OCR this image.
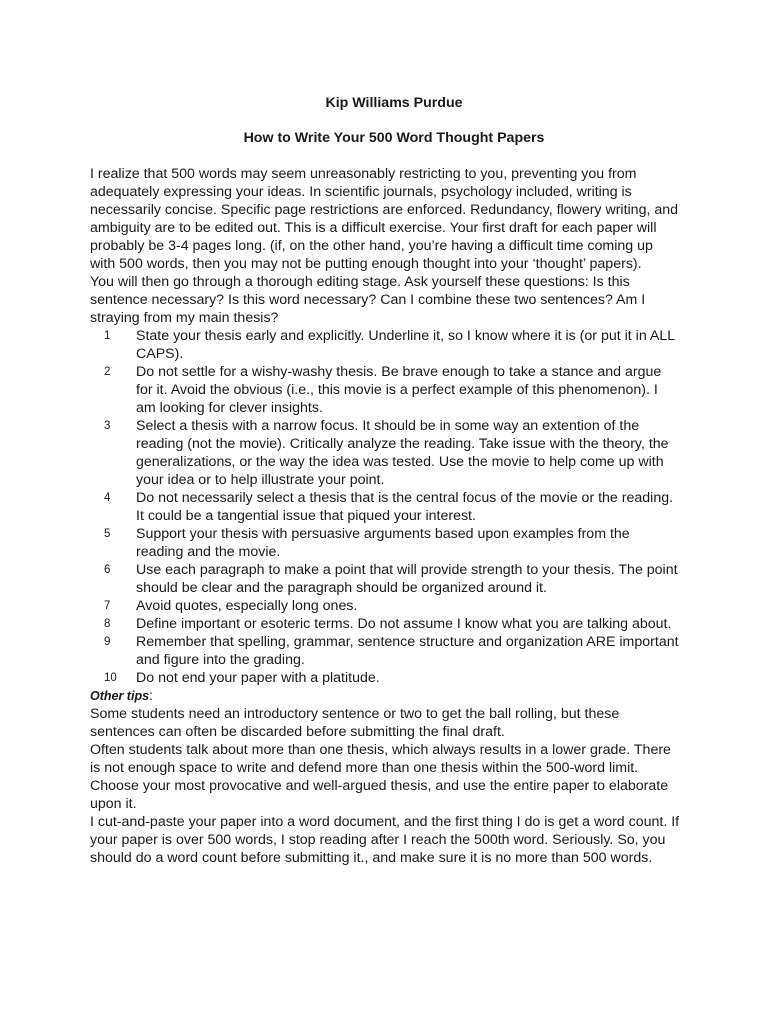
Kip Williams Purdue

How to Write Your 500 Word Thought Papers

I realize that 500 words may seem unreasonably restricting to you, preventing you from adequately expressing your ideas. In scientific journals, psychology included, writing is necessarily concise. Specific page restrictions are enforced. Redundancy, flowery writing, and ambiguity are to be edited out. This is a difficult exercise. Your first draft for each paper will probably be 3-4 pages long. (if, on the other hand, you’re having a difficult time coming up with 500 words, then you may not be putting enough thought into your ‘thought’ papers).

You will then go through a thorough editing stage. Ask yourself these questions: Is this sentence necessary? Is this word necessary? Can I combine these two sentences? Am I straying from my main thesis?

1	State your thesis early and explicitly. Underline it, so I know where it is (or put it in ALL CAPS).
2	Do not settle for a wishy-washy thesis. Be brave enough to take a stance and argue for it. Avoid the obvious (i.e., this movie is a perfect example of this phenomenon). I am looking for clever insights.
3	Select a thesis with a narrow focus. It should be in some way an extention of the reading (not the movie). Critically analyze the reading. Take issue with the theory, the generalizations, or the way the idea was tested. Use the movie to help come up with your idea or to help illustrate your point.
4	Do not necessarily select a thesis that is the central focus of the movie or the reading. It could be a tangential issue that piqued your interest.
5	Support your thesis with persuasive arguments based upon examples from the reading and the movie.
6	Use each paragraph to make a point that will provide strength to your thesis. The point should be clear and the paragraph should be organized around it.
7	Avoid quotes, especially long ones.
8	Define important or esoteric terms. Do not assume I know what you are talking about.
9	Remember that spelling, grammar, sentence structure and organization ARE important and figure into the grading.
10	Do not end your paper with a platitude.

Other tips:

Some students need an introductory sentence or two to get the ball rolling, but these sentences can often be discarded before submitting the final draft.

Often students talk about more than one thesis, which always results in a lower grade. There is not enough space to write and defend more than one thesis within the 500-word limit. Choose your most provocative and well-argued thesis, and use the entire paper to elaborate upon it.

I cut-and-paste your paper into a word document, and the first thing I do is get a word count. If your paper is over 500 words, I stop reading after I reach the 500th word. Seriously. So, you should do a word count before submitting it., and make sure it is no more than 500 words.
